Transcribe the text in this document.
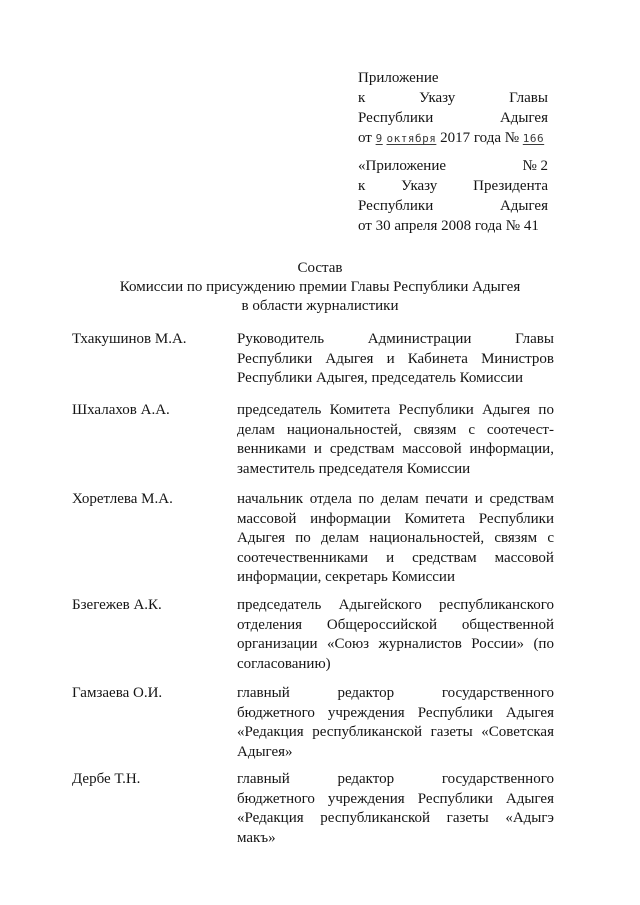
Приложение
к	Указу	Главы
Республики	Адыгея
от 9 октября 2017 года № 166
«Приложение	№ 2
к Указу Президента
Республики	Адыгея
от 30 апреля 2008 года № 41
Состав
Комиссии по присуждению премии Главы Республики Адыгея
в области журналистики
Тхакушинов М.А.	Руководитель	Администрации	Главы
Республики Адыгея и Кабинета Министров
Республики Адыгея, председатель Комиссии
Шхалахов А.А.	председатель Комитета Республики Адыгея по
делам национальностей, связям с соотечест-
венниками и средствам массовой информации,
заместитель председателя Комиссии
Хоретлева М.А.	начальник отдела по делам печати и средствам
массовой информации Комитета Республики
Адыгея по делам национальностей, связям с
соотечественниками и средствам массовой
информации, секретарь Комиссии
Бзегежев А.К.	председатель Адыгейского республиканского
отделения Общероссийской общественной
организации «Союз журналистов России» (по
согласованию)
Гамзаева О.И.	главный	редактор	государственного
бюджетного учреждения Республики Адыгея
«Редакция республиканской газеты «Советская
Адыгея»
Дербе Т.Н.	главный	редактор	государственного
бюджетного учреждения Республики Адыгея
«Редакция республиканской газеты «Адыгэ
макъ»
